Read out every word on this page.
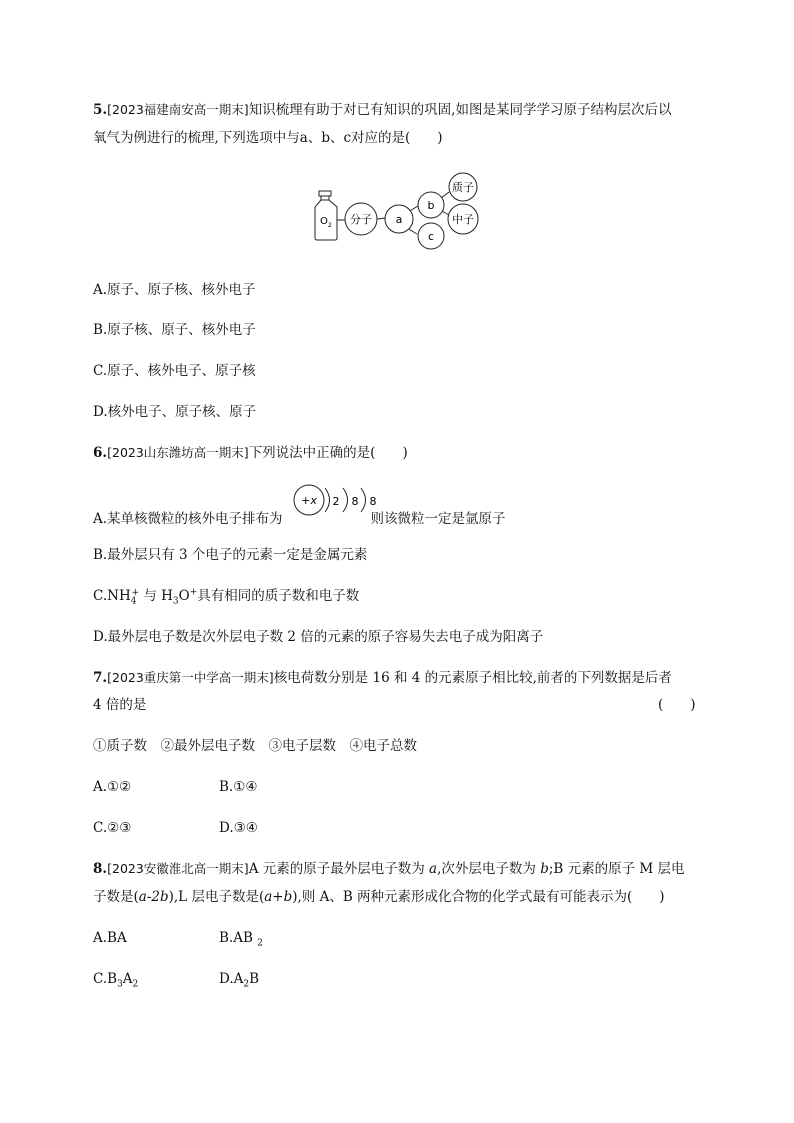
5.[2023福建南安高一期末]知识梳理有助于对已有知识的巩固,如图是某同学学习原子结构层次后以
氧气为例进行的梳理,下列选项中与a、b、c对应的是(　　)
O 2 分子 a
b
c
质子
中子
A.原子、原子核、核外电子
B.原子核、原子、核外电子
C.原子、核外电子、原子核
D.核外电子、原子核、原子
6.[2023山东潍坊高一期末]下列说法中正确的是(　　)
A.某单核微粒的核外电子排布为	则该微粒一定是氩原子
+x 2 8 8
B.最外层只有 3 个电子的元素一定是金属元素
$C.NH_4^+$ 与 $H_3O^+$具有相同的质子数和电子数
D.最外层电子数是次外层电子数 2 倍的元素的原子容易失去电子成为阳离子
7.[2023重庆第一中学高一期末]核电荷数分别是 16 和 4 的元素原子相比较,前者的下列数据是后者
4 倍的是	(　　)
①质子数　②最外层电子数　③电子层数　④电子总数
A.①②	B.①④
C.②③	D.③④
8.[2023安徽淮北高一期末]A 元素的原子最外层电子数为 a,次外层电子数为 b;B 元素的原子 M 层电
子数是(a-2b),L 层电子数是(a+b),则 A、B 两种元素形成化合物的化学式最有可能表示为(　　)
A.BA	B.AB $_2$
$C.B_3A_2$	$D.A_2B$
